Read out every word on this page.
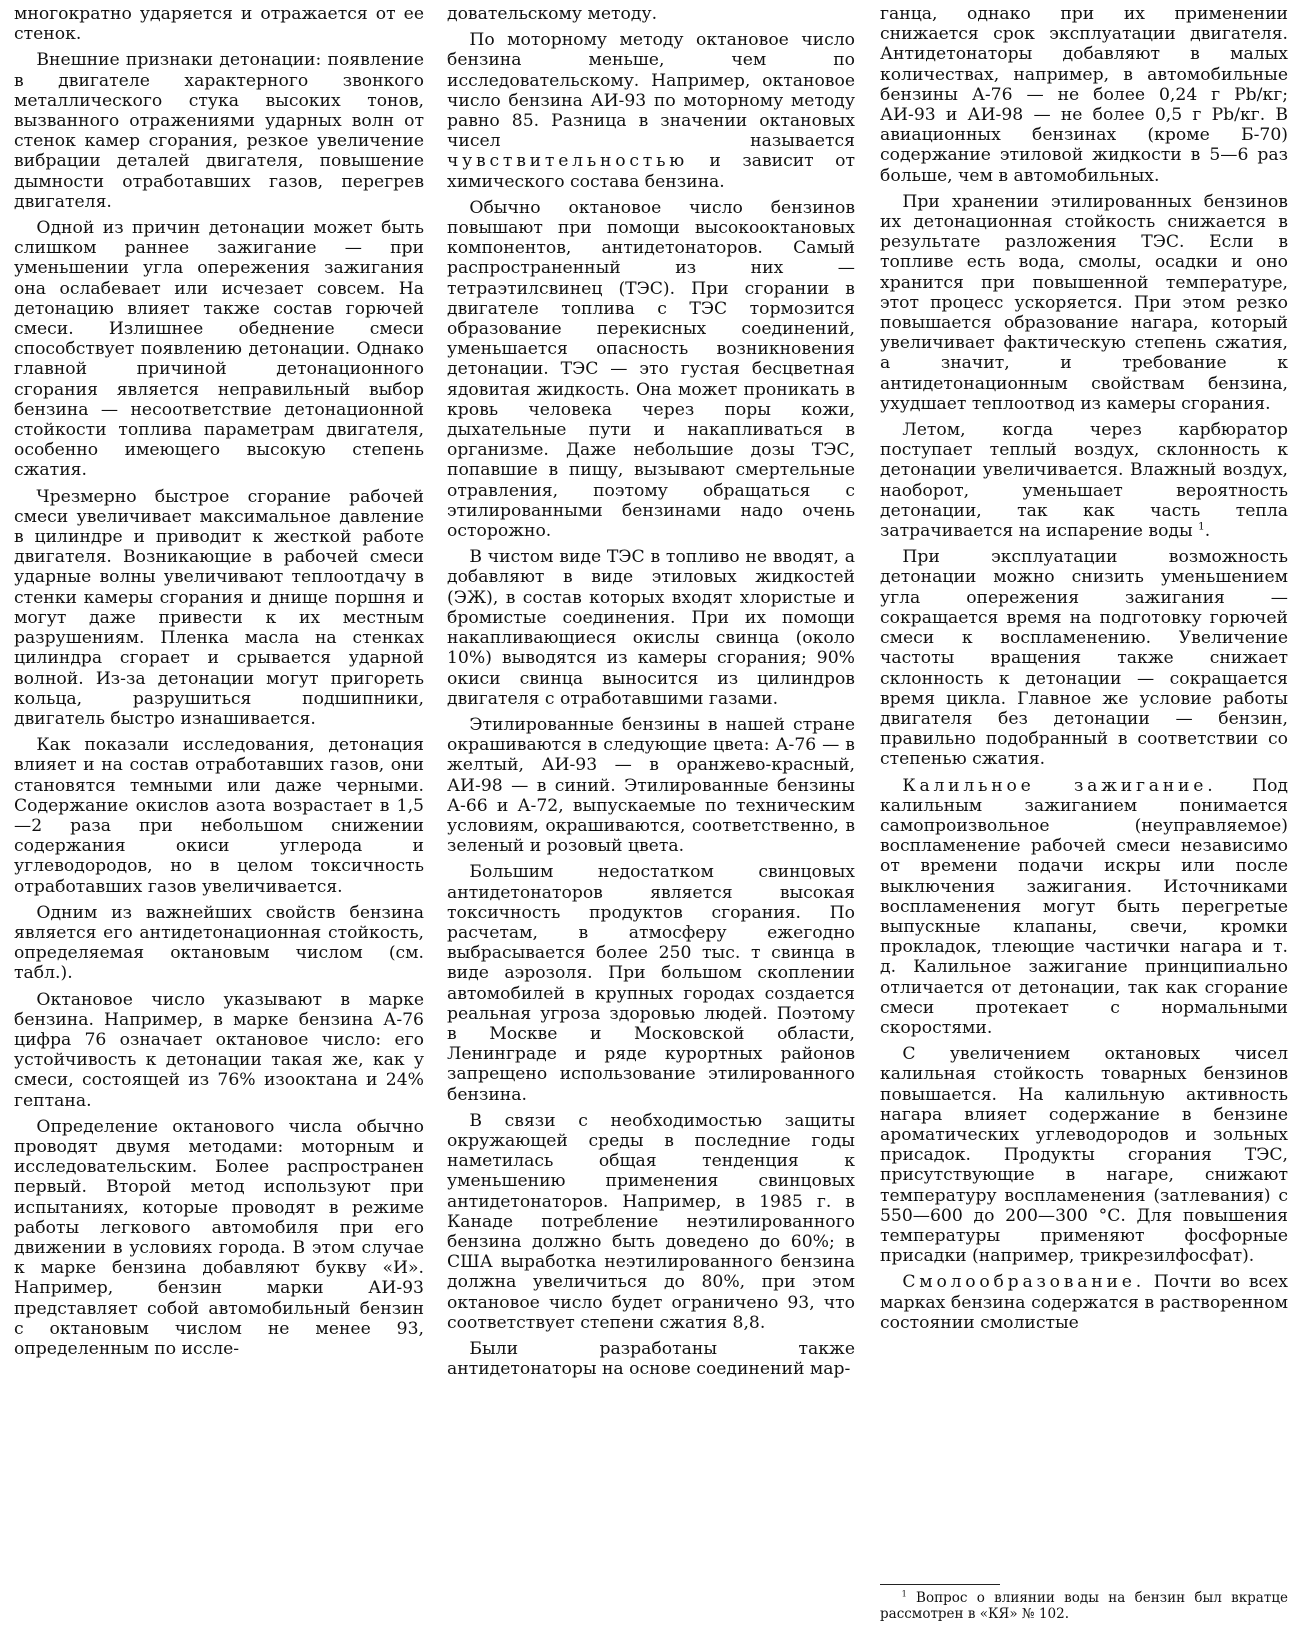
многократно ударяется и отражается от ее стенок.

Внешние признаки детонации: появление в двигателе характерного звонкого металлического стука высоких тонов, вызванного отражениями ударных волн от стенок камер сгорания, резкое увеличение вибрации деталей двигателя, повышение дымности отработавших газов, перегрев двигателя.

Одной из причин детонации может быть слишком раннее зажигание — при уменьшении угла опережения зажигания она ослабевает или исчезает совсем. На детонацию влияет также состав горючей смеси. Излишнее обеднение смеси способствует появлению детонации. Однако главной причиной детонационного сгорания является неправильный выбор бензина — несоответствие детонационной стойкости топлива параметрам двигателя, особенно имеющего высокую степень сжатия.

Чрезмерно быстрое сгорание рабочей смеси увеличивает максимальное давление в цилиндре и приводит к жесткой работе двигателя. Возникающие в рабочей смеси ударные волны увеличивают теплоотдачу в стенки камеры сгорания и днище поршня и могут даже привести к их местным разрушениям. Пленка масла на стенках цилиндра сгорает и срывается ударной волной. Из-за детонации могут пригореть кольца, разрушиться подшипники, двигатель быстро изнашивается.

Как показали исследования, детонация влияет и на состав отработавших газов, они становятся темными или даже черными. Содержание окислов азота возрастает в 1,5—2 раза при небольшом снижении содержания окиси углерода и углеводородов, но в целом токсичность отработавших газов увеличивается.

Одним из важнейших свойств бензина является его антидетонационная стойкость, определяемая октановым числом (см. табл.).

Октановое число указывают в марке бензина. Например, в марке бензина А-76 цифра 76 означает октановое число: его устойчивость к детонации такая же, как у смеси, состоящей из 76% изооктана и 24% гептана.

Определение октанового числа обычно проводят двумя методами: моторным и исследовательским. Более распространен первый. Второй метод используют при испытаниях, которые проводят в режиме работы легкового автомобиля при его движении в условиях города. В этом случае к марке бензина добавляют букву «И». Например, бензин марки АИ-93 представляет собой автомобильный бензин с октановым числом не менее 93, определенным по иссле-

довательскому методу.

По моторному методу октановое число бензина меньше, чем по исследовательскому. Например, октановое число бензина АИ-93 по моторному методу равно 85. Разница в значении октановых чисел называется чувствительностью и зависит от химического состава бензина.

Обычно октановое число бензинов повышают при помощи высокооктановых компонентов, антидетонаторов. Самый распространенный из них — тетраэтилсвинец (ТЭС). При сгорании в двигателе топлива с ТЭС тормозится образование перекисных соединений, уменьшается опасность возникновения детонации. ТЭС — это густая бесцветная ядовитая жидкость. Она может проникать в кровь человека через поры кожи, дыхательные пути и накапливаться в организме. Даже небольшие дозы ТЭС, попавшие в пищу, вызывают смертельные отравления, поэтому обращаться с этилированными бензинами надо очень осторожно.

В чистом виде ТЭС в топливо не вводят, а добавляют в виде этиловых жидкостей (ЭЖ), в состав которых входят хлористые и бромистые соединения. При их помощи накапливающиеся окислы свинца (около 10%) выводятся из камеры сгорания; 90% окиси свинца выносится из цилиндров двигателя с отработавшими газами.

Этилированные бензины в нашей стране окрашиваются в следующие цвета: А-76 — в желтый, АИ-93 — в оранжево-красный, АИ-98 — в синий. Этилированные бензины А-66 и А-72, выпускаемые по техническим условиям, окрашиваются, соответственно, в зеленый и розовый цвета.

Большим недостатком свинцовых антидетонаторов является высокая токсичность продуктов сгорания. По расчетам, в атмосферу ежегодно выбрасывается более 250 тыс. т свинца в виде аэрозоля. При большом скоплении автомобилей в крупных городах создается реальная угроза здоровью людей. Поэтому в Москве и Московской области, Ленинграде и ряде курортных районов запрещено использование этилированного бензина.

В связи с необходимостью защиты окружающей среды в последние годы наметилась общая тенденция к уменьшению применения свинцовых антидетонаторов. Например, в 1985 г. в Канаде потребление неэтилированного бензина должно быть доведено до 60%; в США выработка неэтилированного бензина должна увеличиться до 80%, при этом октановое число будет ограничено 93, что соответствует степени сжатия 8,8.

Были разработаны также антидетонаторы на основе соединений мар-

ганца, однако при их применении снижается срок эксплуатации двигателя. Антидетонаторы добавляют в малых количествах, например, в автомобильные бензины А-76 — не более 0,24 г Pb/кг; АИ-93 и АИ-98 — не более 0,5 г Pb/кг. В авиационных бензинах (кроме Б-70) содержание этиловой жидкости в 5—6 раз больше, чем в автомобильных.

При хранении этилированных бензинов их детонационная стойкость снижается в результате разложения ТЭС. Если в топливе есть вода, смолы, осадки и оно хранится при повышенной температуре, этот процесс ускоряется. При этом резко повышается образование нагара, который увеличивает фактическую степень сжатия, а значит, и требование к антидетонационным свойствам бензина, ухудшает теплоотвод из камеры сгорания.

Летом, когда через карбюратор поступает теплый воздух, склонность к детонации увеличивается. Влажный воздух, наоборот, уменьшает вероятность детонации, так как часть тепла затрачивается на испарение воды $^1$.

При эксплуатации возможность детонации можно снизить уменьшением угла опережения зажигания — сокращается время на подготовку горючей смеси к воспламенению. Увеличение частоты вращения также снижает склонность к детонации — сокращается время цикла. Главное же условие работы двигателя без детонации — бензин, правильно подобранный в соответствии со степенью сжатия.

Калильное зажигание. Под калильным зажиганием понимается самопроизвольное (неуправляемое) воспламенение рабочей смеси независимо от времени подачи искры или после выключения зажигания. Источниками воспламенения могут быть перегретые выпускные клапаны, свечи, кромки прокладок, тлеющие частички нагара и т. д. Калильное зажигание принципиально отличается от детонации, так как сгорание смеси протекает с нормальными скоростями.

С увеличением октановых чисел калильная стойкость товарных бензинов повышается. На калильную активность нагара влияет содержание в бензине ароматических углеводородов и зольных присадок. Продукты сгорания ТЭС, присутствующие в нагаре, снижают температуру воспламенения (затлевания) с 550—600 до 200—300 °С. Для повышения температуры применяют фосфорные присадки (например, трикрезилфосфат).

Смолообразование. Почти во всех марках бензина содержатся в растворенном состоянии смолистые

$^1$ Вопрос о влиянии воды на бензин был вкратце рассмотрен в «КЯ» № 102.
